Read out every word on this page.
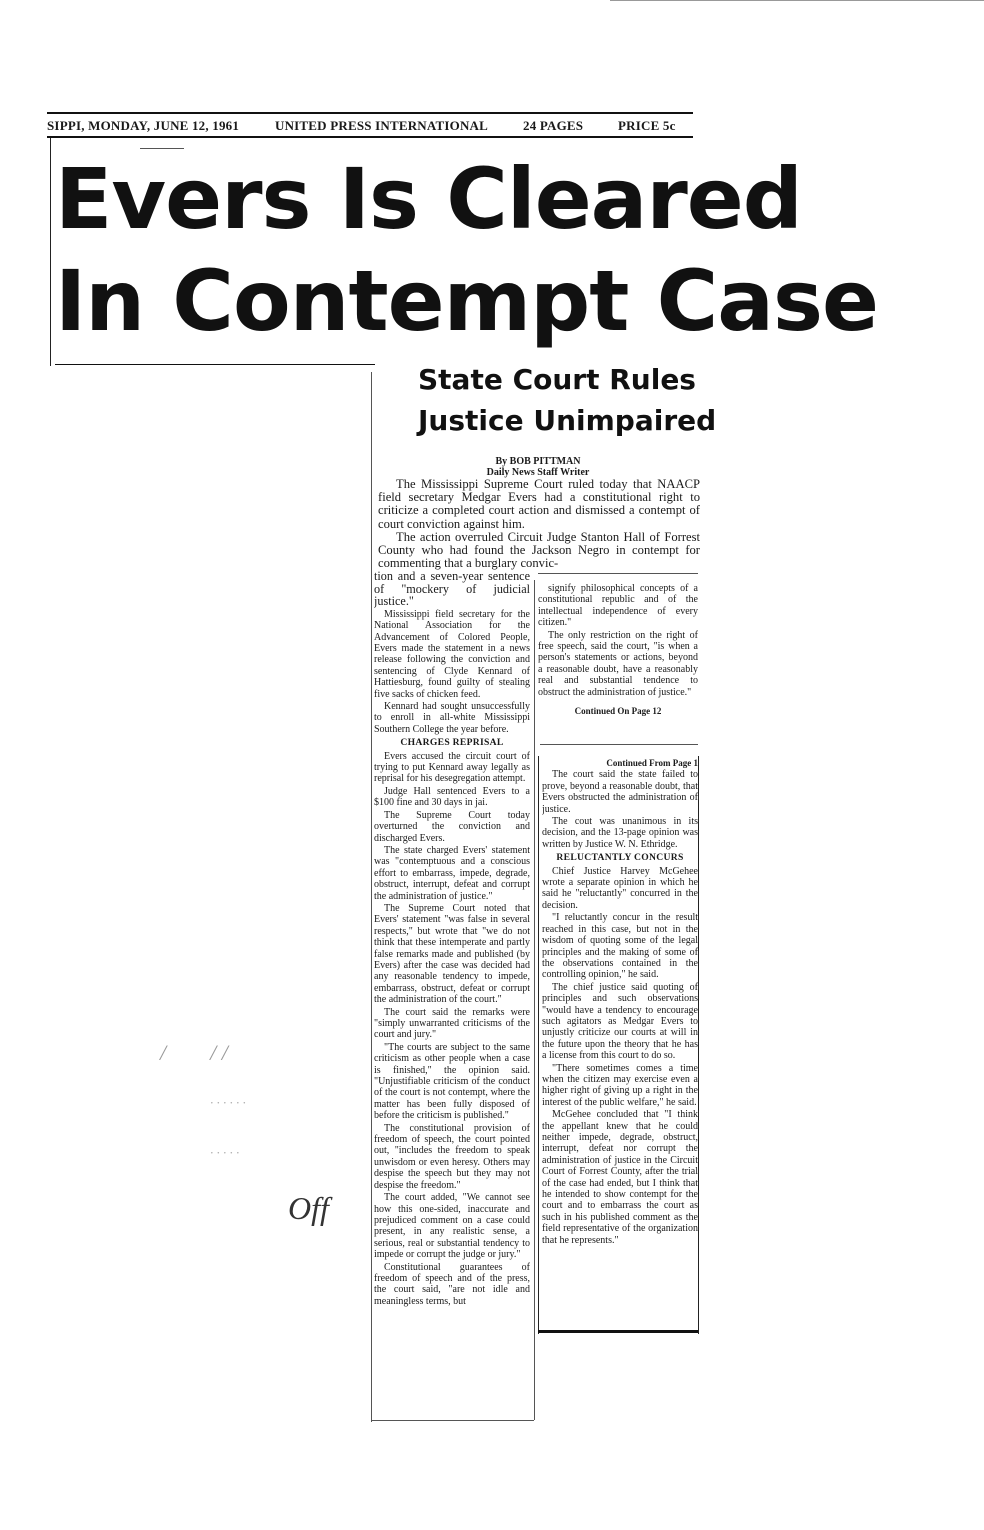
SIPPI, MONDAY, JUNE 12, 1961	UNITED PRESS INTERNATIONAL	24 PAGES	PRICE 5c
Evers Is Cleared
In Contempt Case
State Court Rules
Justice Unimpaired
By BOB PITTMAN
Daily News Staff Writer

The Mississippi Supreme Court ruled today that NAACP field secretary Medgar Evers had a constitutional right to criticize a completed court action and dismissed a contempt of court conviction against him.

The action overruled Circuit Judge Stanton Hall of Forrest County who had found the Jackson Negro in contempt for commenting that a burglary convic-

tion and a seven-year sentence of "mockery of judicial justice."

Mississippi field secretary for the National Association for the Advancement of Colored People, Evers made the statement in a news release following the conviction and sentencing of Clyde Kennard of Hattiesburg, found guilty of stealing five sacks of chicken feed.

Kennard had sought unsuccessfully to enroll in all-white Mississippi Southern College the year before.

CHARGES REPRISAL

Evers accused the circuit court of trying to put Kennard away legally as reprisal for his desegregation attempt.

Judge Hall sentenced Evers to a $100 fine and 30 days in jai.

The Supreme Court today overturned the conviction and discharged Evers.

The state charged Evers' statement was "contemptuous and a conscious effort to embarrass, impede, degrade, obstruct, interrupt, defeat and corrupt the administration of justice."

The Supreme Court noted that Evers' statement "was false in several respects," but wrote that "we do not think that these intemperate and partly false remarks made and published (by Evers) after the case was decided had any reasonable tendency to impede, embarrass, obstruct, defeat or corrupt the administration of the court."

The court said the remarks were "simply unwarranted criticisms of the court and jury."

"The courts are subject to the same criticism as other people when a case is finished," the opinion said. "Unjustifiable criticism of the conduct of the court is not contempt, where the matter has been fully disposed of before the criticism is published."

The constitutional provision of freedom of speech, the court pointed out, "includes the freedom to speak unwisdom or even heresy. Others may despise the speech but they may not despise the freedom."

The court added, "We cannot see how this one-sided, inaccurate and prejudiced comment on a case could present, in any realistic sense, a serious, real or substantial tendency to impede or corrupt the judge or jury."

Constitutional guarantees of freedom of speech and of the press, the court said, "are not idle and meaningless terms, but

signify philosophical concepts of a constitutional republic and of the intellectual independence of every citizen."

The only restriction on the right of free speech, said the court, "is when a person's statements or actions, beyond a reasonable doubt, have a reasonably real and substantial tendence to obstruct the administration of justice."

Continued On Page 12
Continued From Page 1

The court said the state failed to prove, beyond a reasonable doubt, that Evers obstructed the administration of justice.

The cout was unanimous in its decision, and the 13-page opinion was written by Justice W. N. Ethridge.

RELUCTANTLY CONCURS

Chief Justice Harvey McGehee wrote a separate opinion in which he said he "reluctantly" concurred in the decision.

"I reluctantly concur in the result reached in this case, but not in the wisdom of quoting some of the legal principles and the making of some of the observations contained in the controlling opinion," he said.

The chief justice said quoting of principles and such observations "would have a tendency to encourage such agitators as Medgar Evers to unjustly criticize our courts at will in the future upon the theory that he has a license from this court to do so.

"There sometimes comes a time when the citizen may exercise even a higher right of giving up a right in the interest of the public welfare," he said.

McGehee concluded that "I think the appellant knew that he could neither impede, degrade, obstruct, interrupt, defeat nor corrupt the administration of justice in the Circuit Court of Forrest County, after the trial of the case had ended, but I think that he intended to show contempt for the court and to embarrass the court as such in his published comment as the field representative of the organization that he represents."

/        / /
· · · · · ·
· · · · ·
Off
